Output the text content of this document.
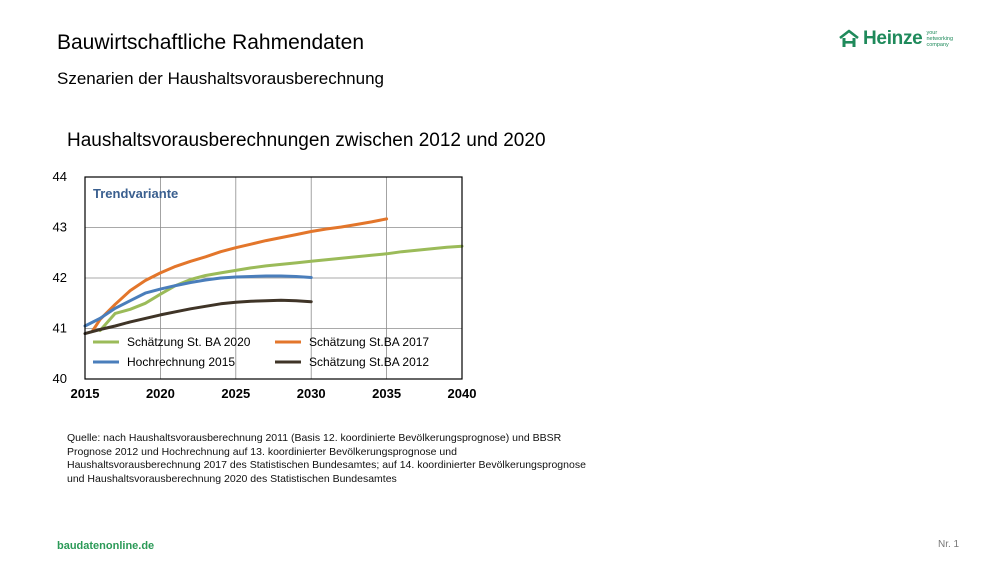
Bauwirtschaftliche Rahmendaten
Szenarien der Haushaltsvorausberechnung
Heinze your
networking
company
Haushaltsvorausberechnungen zwischen 2012 und 2020
Trendvariante
Schätzung St. BA 2020	Schätzung St.BA 2017
Hochrechnung 2015	Schätzung St.BA 2012
2015	2020	2025	2030	2035	2040
40
41
42
43
44
Quelle: nach Haushaltsvorausberechnung 2011 (Basis 12. koordinierte Bevölkerungsprognose) und BBSR Prognose 2012 und Hochrechnung auf 13. koordinierter Bevölkerungsprognose und Haushaltsvorausberechnung 2017 des Statistischen Bundesamtes; auf 14. koordinierter Bevölkerungsprognose und Haushaltsvorausberechnung 2020 des Statistischen Bundesamtes
baudatenonline.de	Nr. 1
